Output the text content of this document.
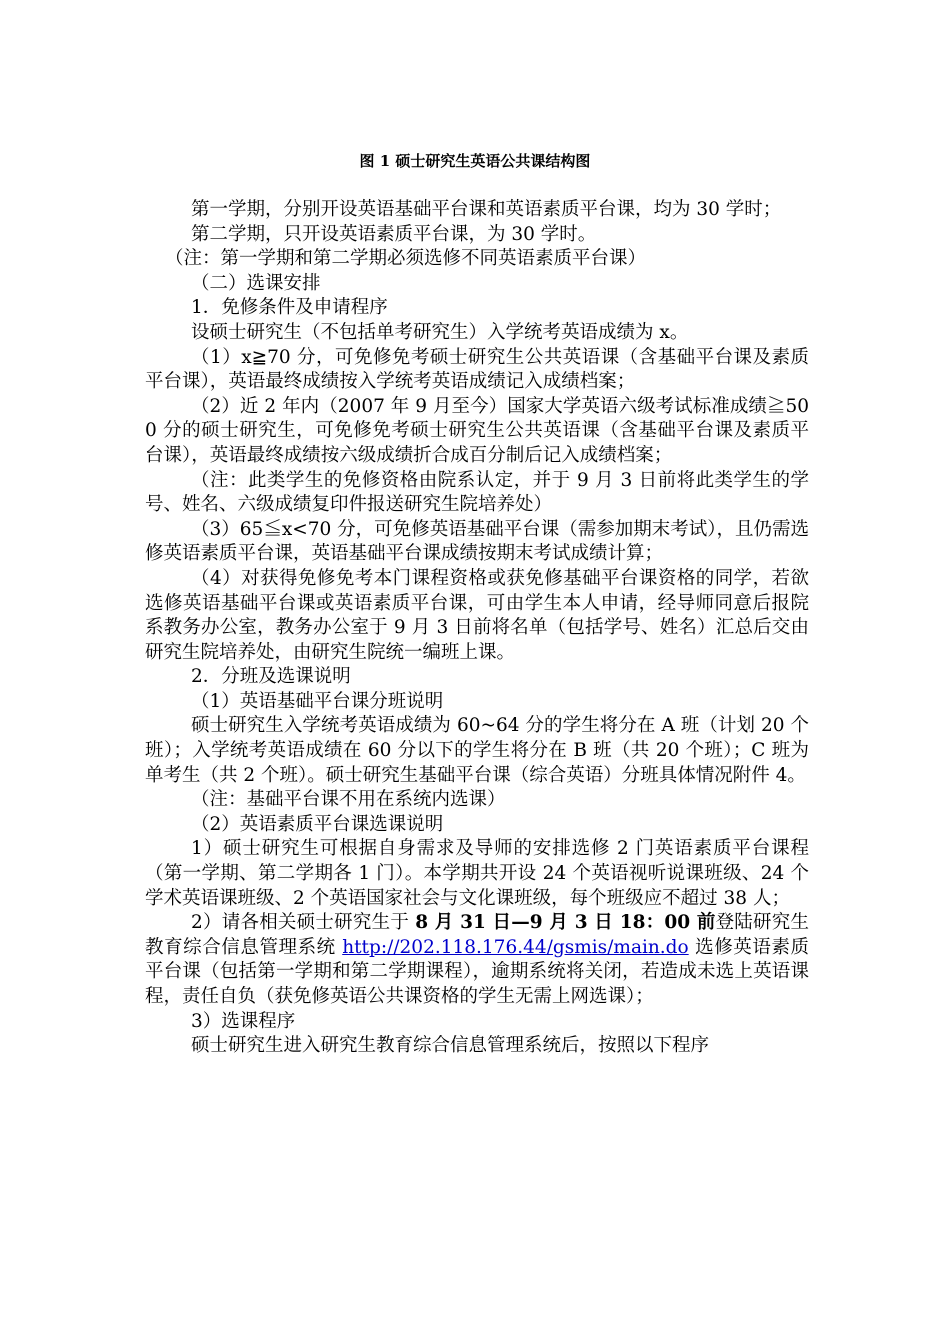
图 1 硕士研究生英语公共课结构图

第一学期，分别开设英语基础平台课和英语素质平台课，均为 30 学时；

第二学期，只开设英语素质平台课，为 30 学时。

（注：第一学期和第二学期必须选修不同英语素质平台课）

（二）选课安排

1．免修条件及申请程序

设硕士研究生（不包括单考研究生）入学统考英语成绩为 x。

（1）x≧70 分，可免修免考硕士研究生公共英语课（含基础平台课及素质平台课），英语最终成绩按入学统考英语成绩记入成绩档案；

（2）近 2 年内（2007 年 9 月至今）国家大学英语六级考试标准成绩≧500 分的硕士研究生，可免修免考硕士研究生公共英语课（含基础平台课及素质平台课），英语最终成绩按六级成绩折合成百分制后记入成绩档案；

（注：此类学生的免修资格由院系认定，并于 9 月 3 日前将此类学生的学号、姓名、六级成绩复印件报送研究生院培养处）

（3）65≦x<70 分，可免修英语基础平台课（需参加期末考试），且仍需选修英语素质平台课，英语基础平台课成绩按期末考试成绩计算；

（4）对获得免修免考本门课程资格或获免修基础平台课资格的同学，若欲选修英语基础平台课或英语素质平台课，可由学生本人申请，经导师同意后报院系教务办公室，教务办公室于 9 月 3 日前将名单（包括学号、姓名）汇总后交由研究生院培养处，由研究生院统一编班上课。

2．分班及选课说明

（1）英语基础平台课分班说明

硕士研究生入学统考英语成绩为 60~64 分的学生将分在 A 班（计划 20 个班）；入学统考英语成绩在 60 分以下的学生将分在 B 班（共 20 个班）；C 班为单考生（共 2 个班）。硕士研究生基础平台课（综合英语）分班具体情况附件 4。

（注：基础平台课不用在系统内选课）

（2）英语素质平台课选课说明

1）硕士研究生可根据自身需求及导师的安排选修 2 门英语素质平台课程（第一学期、第二学期各 1 门）。本学期共开设 24 个英语视听说课班级、24 个学术英语课班级、2 个英语国家社会与文化课班级，每个班级应不超过 38 人；

2）请各相关硕士研究生于 8 月 31 日—9 月 3 日 18：00 前登陆研究生教育综合信息管理系统 http://202.118.176.44/gsmis/main.do 选修英语素质平台课（包括第一学期和第二学期课程），逾期系统将关闭，若造成未选上英语课程，责任自负（获免修英语公共课资格的学生无需上网选课）；

3）选课程序

硕士研究生进入研究生教育综合信息管理系统后，按照以下程序
